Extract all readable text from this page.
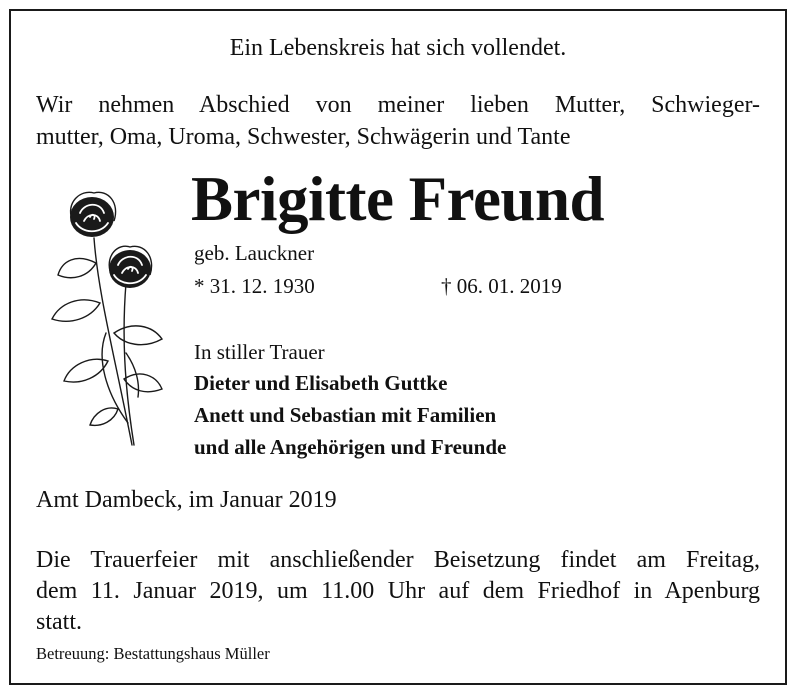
Ein Lebenskreis hat sich vollendet.
Wir nehmen Abschied von meiner lieben Mutter, Schwieger-
mutter, Oma, Uroma, Schwester, Schwägerin und Tante
Brigitte Freund
geb. Lauckner
* 31. 12. 1930	† 06. 01. 2019
In stiller Trauer
Dieter und Elisabeth Guttke
Anett und Sebastian mit Familien
und alle Angehörigen und Freunde
Amt Dambeck, im Januar 2019
Die Trauerfeier mit anschließender Beisetzung findet am Freitag,
dem 11. Januar 2019, um 11.00 Uhr auf dem Friedhof in Apenburg
statt.
Betreuung: Bestattungshaus Müller
